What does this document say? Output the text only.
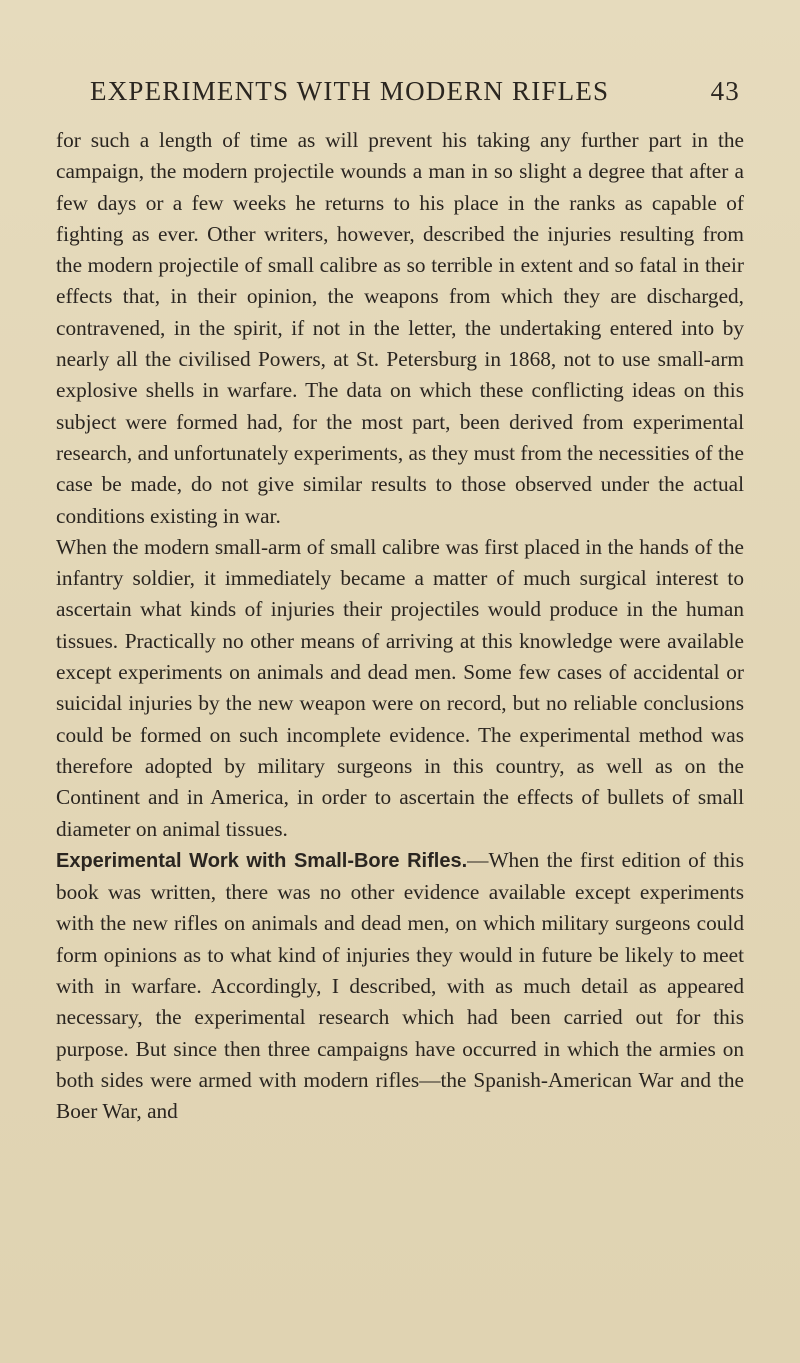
EXPERIMENTS WITH MODERN RIFLES	43

for such a length of time as will prevent his taking any further part in the campaign, the modern projectile wounds a man in so slight a degree that after a few days or a few weeks he returns to his place in the ranks as capable of fighting as ever. Other writers, however, described the injuries resulting from the modern projectile of small calibre as so terrible in extent and so fatal in their effects that, in their opinion, the weapons from which they are discharged, contravened, in the spirit, if not in the letter, the undertaking entered into by nearly all the civilised Powers, at St. Petersburg in 1868, not to use small-arm explosive shells in warfare. The data on which these conflicting ideas on this subject were formed had, for the most part, been derived from experimental research, and unfortunately experiments, as they must from the necessities of the case be made, do not give similar results to those observed under the actual conditions existing in war.

When the modern small-arm of small calibre was first placed in the hands of the infantry soldier, it immediately became a matter of much surgical interest to ascertain what kinds of injuries their projectiles would produce in the human tissues. Practically no other means of arriving at this knowledge were available except experiments on animals and dead men. Some few cases of accidental or suicidal injuries by the new weapon were on record, but no reliable conclusions could be formed on such incomplete evidence. The experimental method was therefore adopted by military surgeons in this country, as well as on the Continent and in America, in order to ascertain the effects of bullets of small diameter on animal tissues.

Experimental Work with Small-Bore Rifles.—When the first edition of this book was written, there was no other evidence available except experiments with the new rifles on animals and dead men, on which military surgeons could form opinions as to what kind of injuries they would in future be likely to meet with in warfare. Accordingly, I described, with as much detail as appeared necessary, the experimental research which had been carried out for this purpose. But since then three campaigns have occurred in which the armies on both sides were armed with modern rifles—the Spanish-American War and the Boer War, and
